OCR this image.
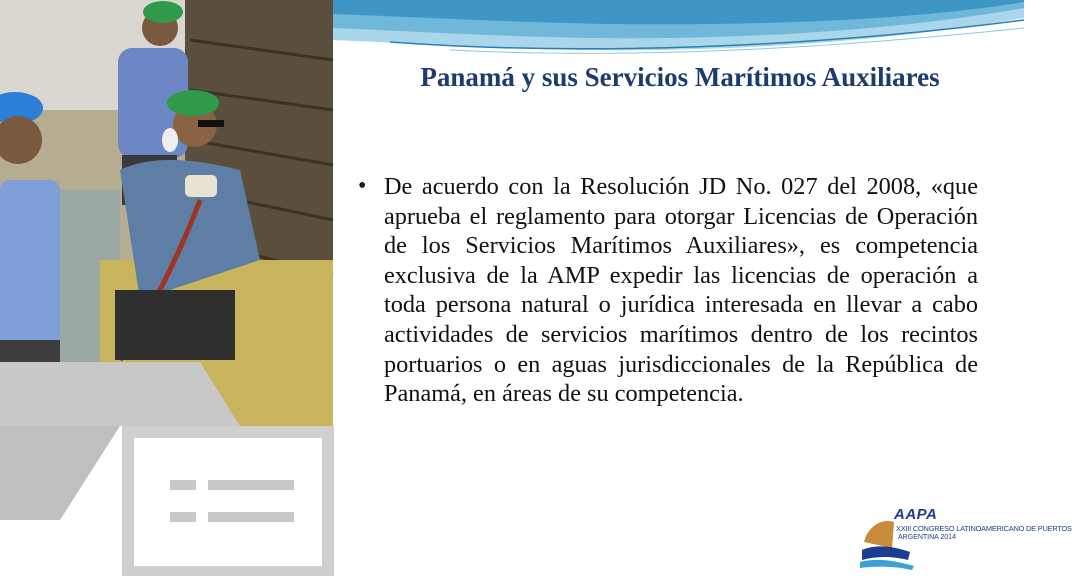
Panamá y sus Servicios Marítimos Auxiliares
• De acuerdo con la Resolución JD No. 027 del 2008, «que aprueba el reglamento para otorgar Licencias de Operación de los Servicios Marítimos Auxiliares», es competencia exclusiva de la AMP expedir las licencias de operación a toda persona natural o jurídica interesada en llevar a cabo actividades de servicios marítimos dentro de los recintos portuarios o en aguas jurisdiccionales de la República de Panamá, en áreas de su competencia.
AAPA
XXIII CONGRESO LATINOAMERICANO DE PUERTOS
ARGENTINA 2014
